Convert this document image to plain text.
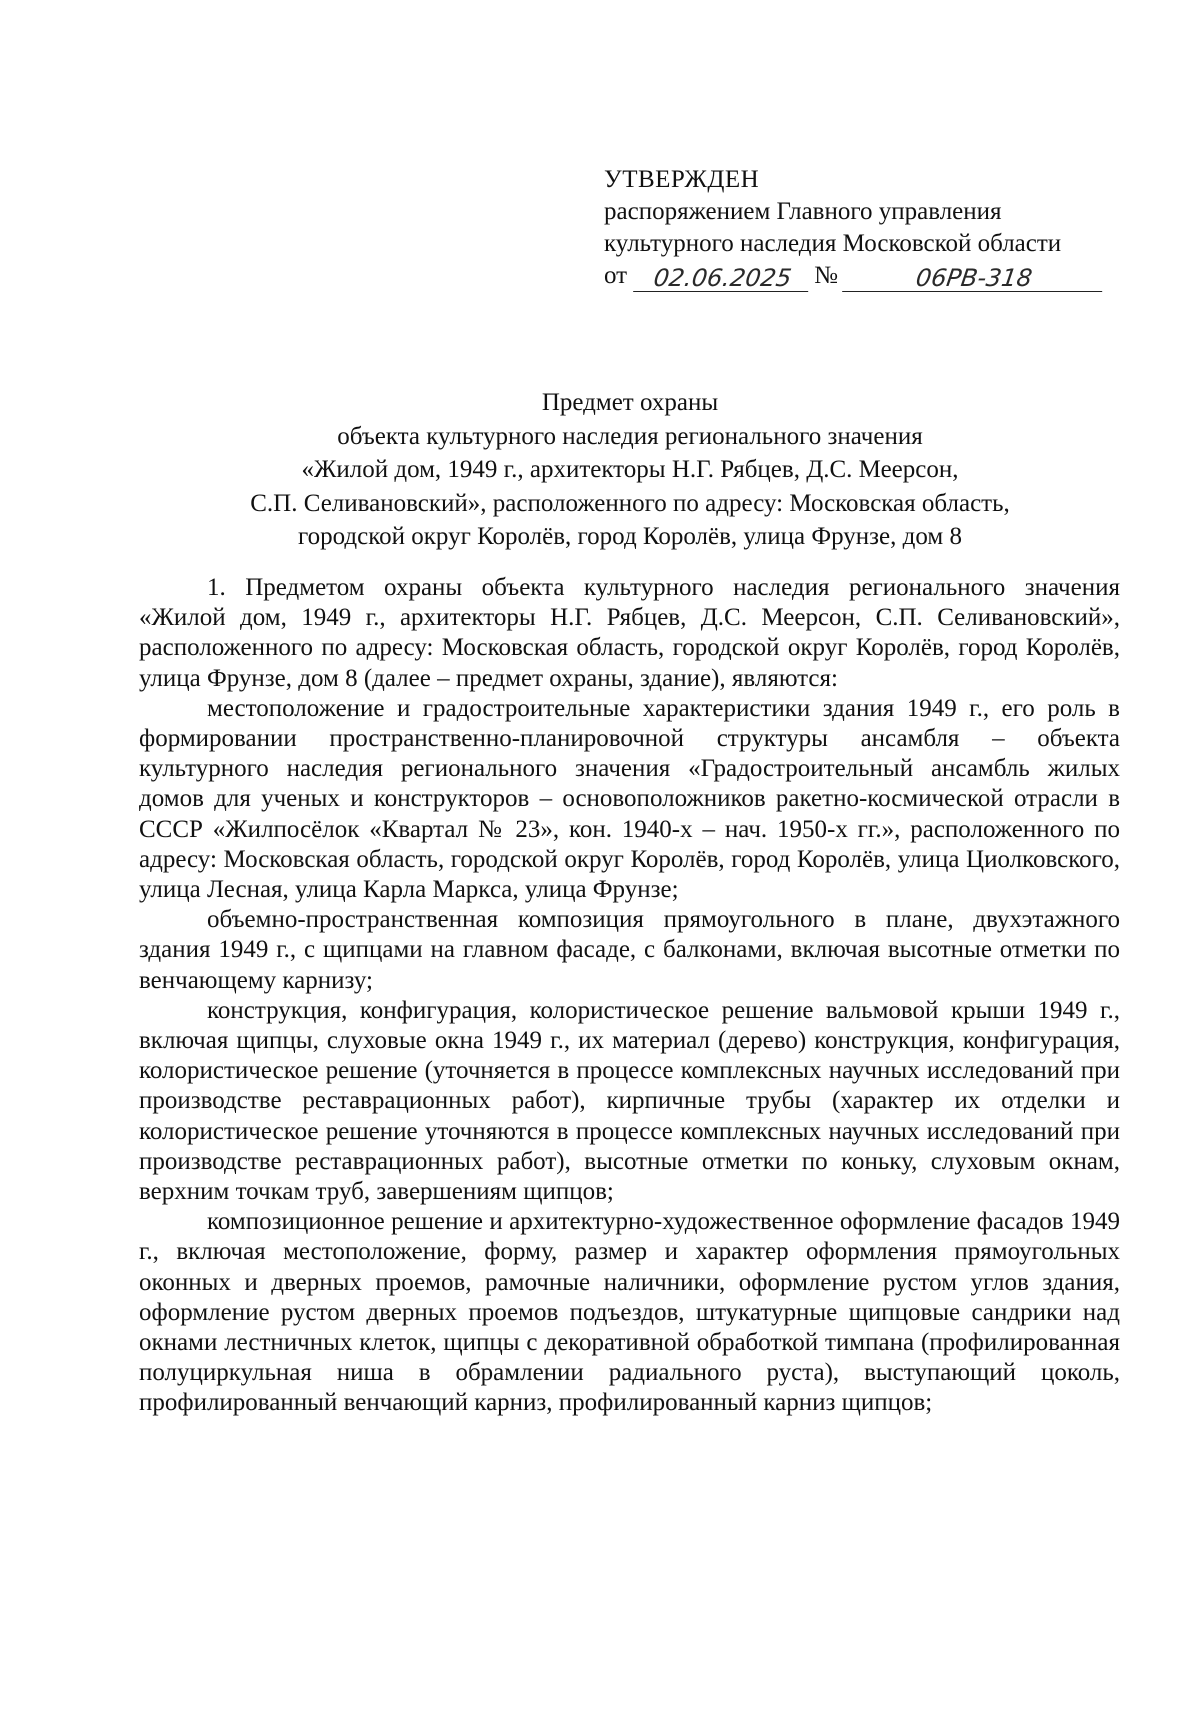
УТВЕРЖДЕН
распоряжением Главного управления
культурного наследия Московской области
от	02.06.2025 №	06РВ-318
Предмет охраны
объекта культурного наследия регионального значения
«Жилой дом, 1949 г., архитекторы Н.Г. Рябцев, Д.С. Меерсон,
С.П. Селивановский», расположенного по адресу: Московская область,
городской округ Королёв, город Королёв, улица Фрунзе, дом 8

1. Предметом охраны объекта культурного наследия регионального значения «Жилой дом, 1949 г., архитекторы Н.Г. Рябцев, Д.С. Меерсон, С.П. Селивановский», расположенного по адресу: Московская область, городской округ Королёв, город Королёв, улица Фрунзе, дом 8 (далее – предмет охраны, здание), являются:

местоположение и градостроительные характеристики здания 1949 г., его роль в формировании пространственно-планировочной структуры ансамбля – объекта культурного наследия регионального значения «Градостроительный ансамбль жилых домов для ученых и конструкторов – основоположников ракетно-космической отрасли в СССР «Жилпосёлок «Квартал № 23», кон. 1940-х – нач. 1950-х гг.», расположенного по адресу: Московская область, городской округ Королёв, город Королёв, улица Циолковского, улица Лесная, улица Карла Маркса, улица Фрунзе;

объемно-пространственная композиция прямоугольного в плане, двухэтажного здания 1949 г., с щипцами на главном фасаде, с балконами, включая высотные отметки по венчающему карнизу;

конструкция, конфигурация, колористическое решение вальмовой крыши 1949 г., включая щипцы, слуховые окна 1949 г., их материал (дерево) конструкция, конфигурация, колористическое решение (уточняется в процессе комплексных научных исследований при производстве реставрационных работ), кирпичные трубы (характер их отделки и колористическое решение уточняются в процессе комплексных научных исследований при производстве реставрационных работ), высотные отметки по коньку, слуховым окнам, верхним точкам труб, завершениям щипцов;

композиционное решение и архитектурно-художественное оформление фасадов 1949 г., включая местоположение, форму, размер и характер оформления прямоугольных оконных и дверных проемов, рамочные наличники, оформление рустом углов здания, оформление рустом дверных проемов подъездов, штукатурные щипцовые сандрики над окнами лестничных клеток, щипцы с декоративной обработкой тимпана (профилированная полуциркульная ниша в обрамлении радиального руста), выступающий цоколь, профилированный венчающий карниз, профилированный карниз щипцов;
